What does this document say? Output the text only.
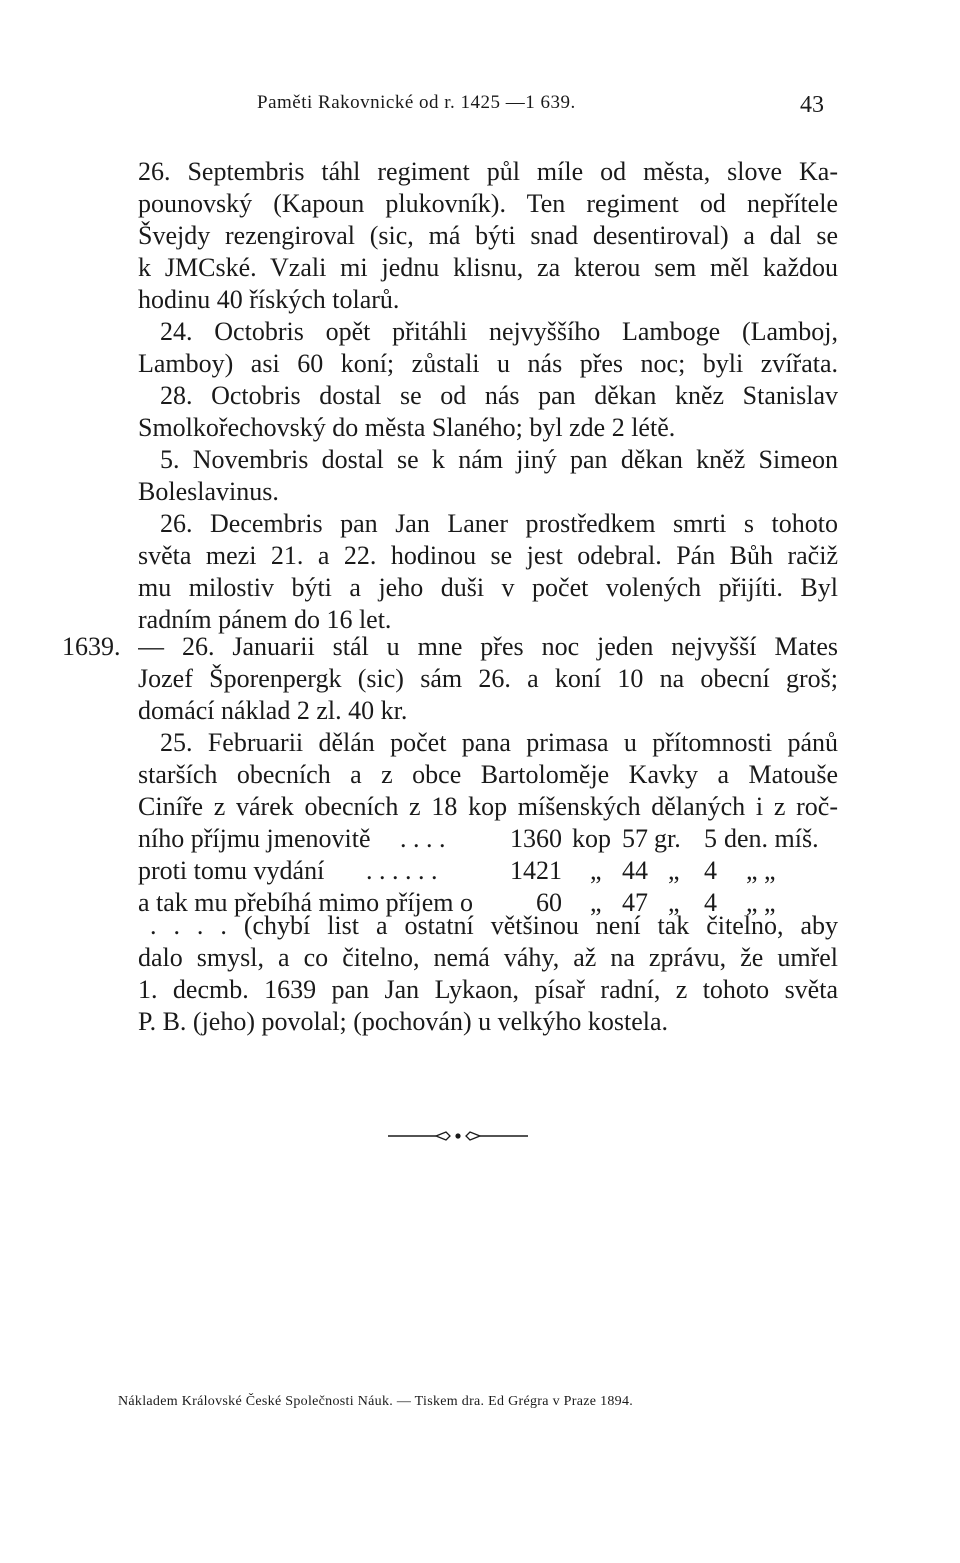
Paměti Rakovnické od r. 1425 —1 639.	43
26. Septembris táhl regiment půl míle od města, slove Ka-
pounovský (Kapoun plukovník). Ten regiment od nepřítele
Švejdy rezengiroval (sic, má býti snad desentiroval) a dal se
k JMCské. Vzali mi jednu klisnu, za kterou sem měl každou
hodinu 40 říských tolarů.
24. Octobris opět přitáhli nejvyššího Lamboge (Lamboj,
Lamboy) asi 60 koní; zůstali u nás přes noc; byli zvířata.
28. Octobris dostal se od nás pan děkan kněz Stanislav
Smolkořechovský do města Slaného; byl zde 2 létě.
5. Novembris dostal se k nám jiný pan děkan kněž Simeon
Boleslavinus.
26. Decembris pan Jan Laner prostředkem smrti s tohoto
světa mezi 21. a 22. hodinou se jest odebral. Pán Bůh račiž
mu milostiv býti a jeho duši v počet volených přijíti. Byl
radním pánem do 16 let.
1639. — 26. Januarii stál u mne přes noc jeden nejvyšší Mates
Jozef Šporenpergk (sic) sám 26. a koní 10 na obecní groš;
domácí náklad 2 zl. 40 kr.
25. Februarii dělán počet pana primasa u přítomnosti pánů
starších obecních a z obce Bartoloměje Kavky a Matouše
Ciníře z várek obecních z 18 kop míšenských dělaných i z roč-
ního příjmu jmenovitě . . . . 1360 kop 57 gr. 5 den. míš.
proti tomu vydání . . . . . .	1421 „ 44 „ 4 „ „
a tak mu přebíhá mimo příjem o 60 „ 47 „ 4 „ „
. . . . (chybí list a ostatní většinou není tak čitelno, aby
dalo smysl, a co čitelno, nemá váhy, až na zprávu, že umřel
1. decmb. 1639 pan Jan Lykaon, písař radní, z tohoto světa
P. B. (jeho) povolal; (pochován) u velkýho kostela.
Nákladem Královské České Společnosti Náuk. — Tiskem dra. Ed Grégra v Praze 1894.
